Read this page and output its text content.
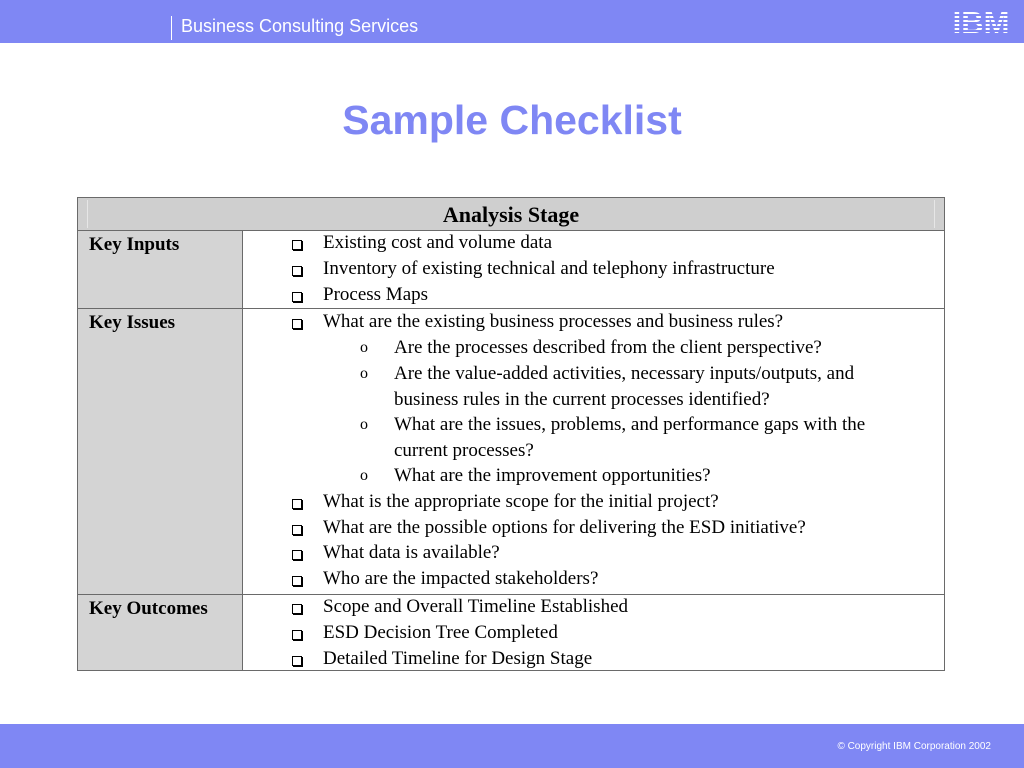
Business Consulting Services	IBM
Sample Checklist
Analysis Stage
Key Inputs	Existing cost and volume data
Inventory of existing technical and telephony infrastructure
Process Maps
Key Issues	What are the existing business processes and business rules?
o Are the processes described from the client perspective?
o Are the value-added activities, necessary inputs/outputs, and
business rules in the current processes identified?
o What are the issues, problems, and performance gaps with the
current processes?
o What are the improvement opportunities?
What is the appropriate scope for the initial project?
What are the possible options for delivering the ESD initiative?
What data is available?
Who are the impacted stakeholders?
Key Outcomes	Scope and Overall Timeline Established
ESD Decision Tree Completed
Detailed Timeline for Design Stage
© Copyright IBM Corporation 2002
